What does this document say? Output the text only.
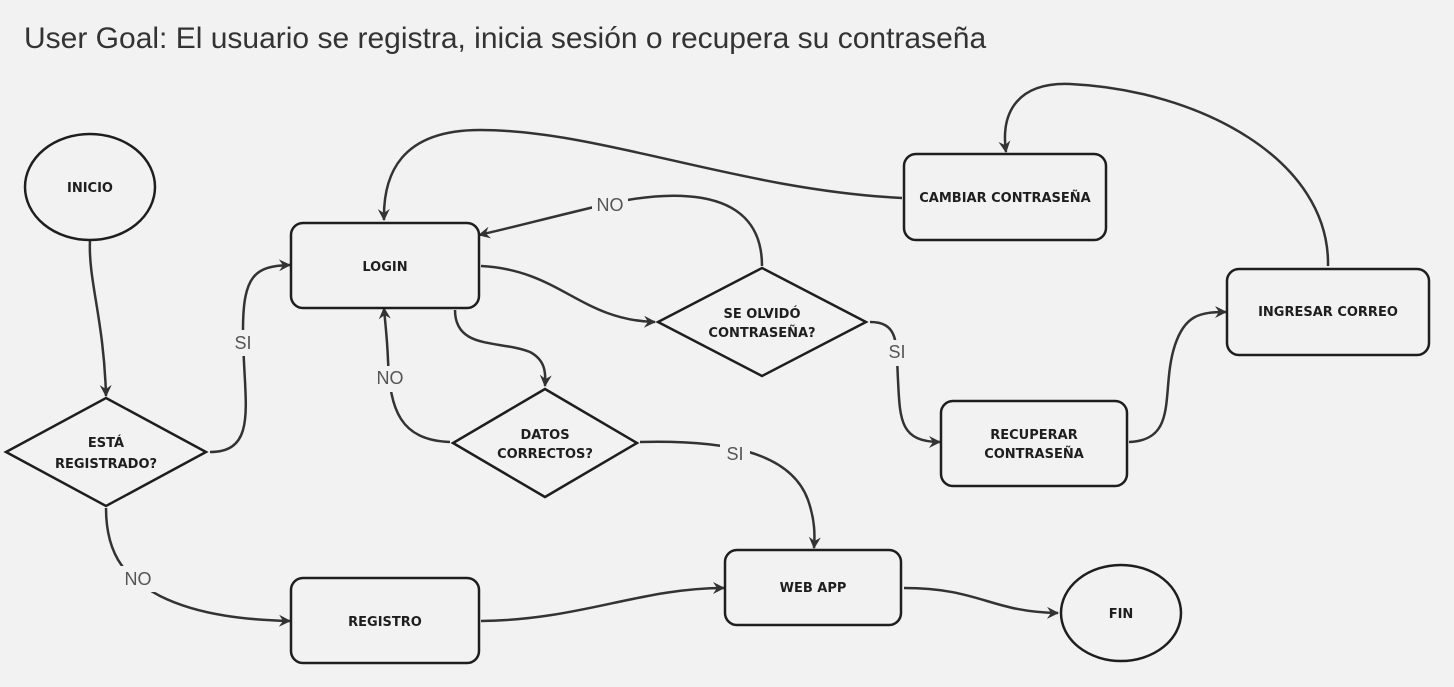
User Goal: El usuario se registra, inicia sesión o recupera su contraseña
SI
NO
NO
SI
NO
SI
INICIO
ESTÁ
REGISTRADO?
LOGIN
DATOS
CORRECTOS?
SE OLVIDÓ
CONTRASEÑA?
CAMBIAR CONTRASEÑA
INGRESAR CORREO
RECUPERAR
CONTRASEÑA
REGISTRO
WEB APP
FIN
